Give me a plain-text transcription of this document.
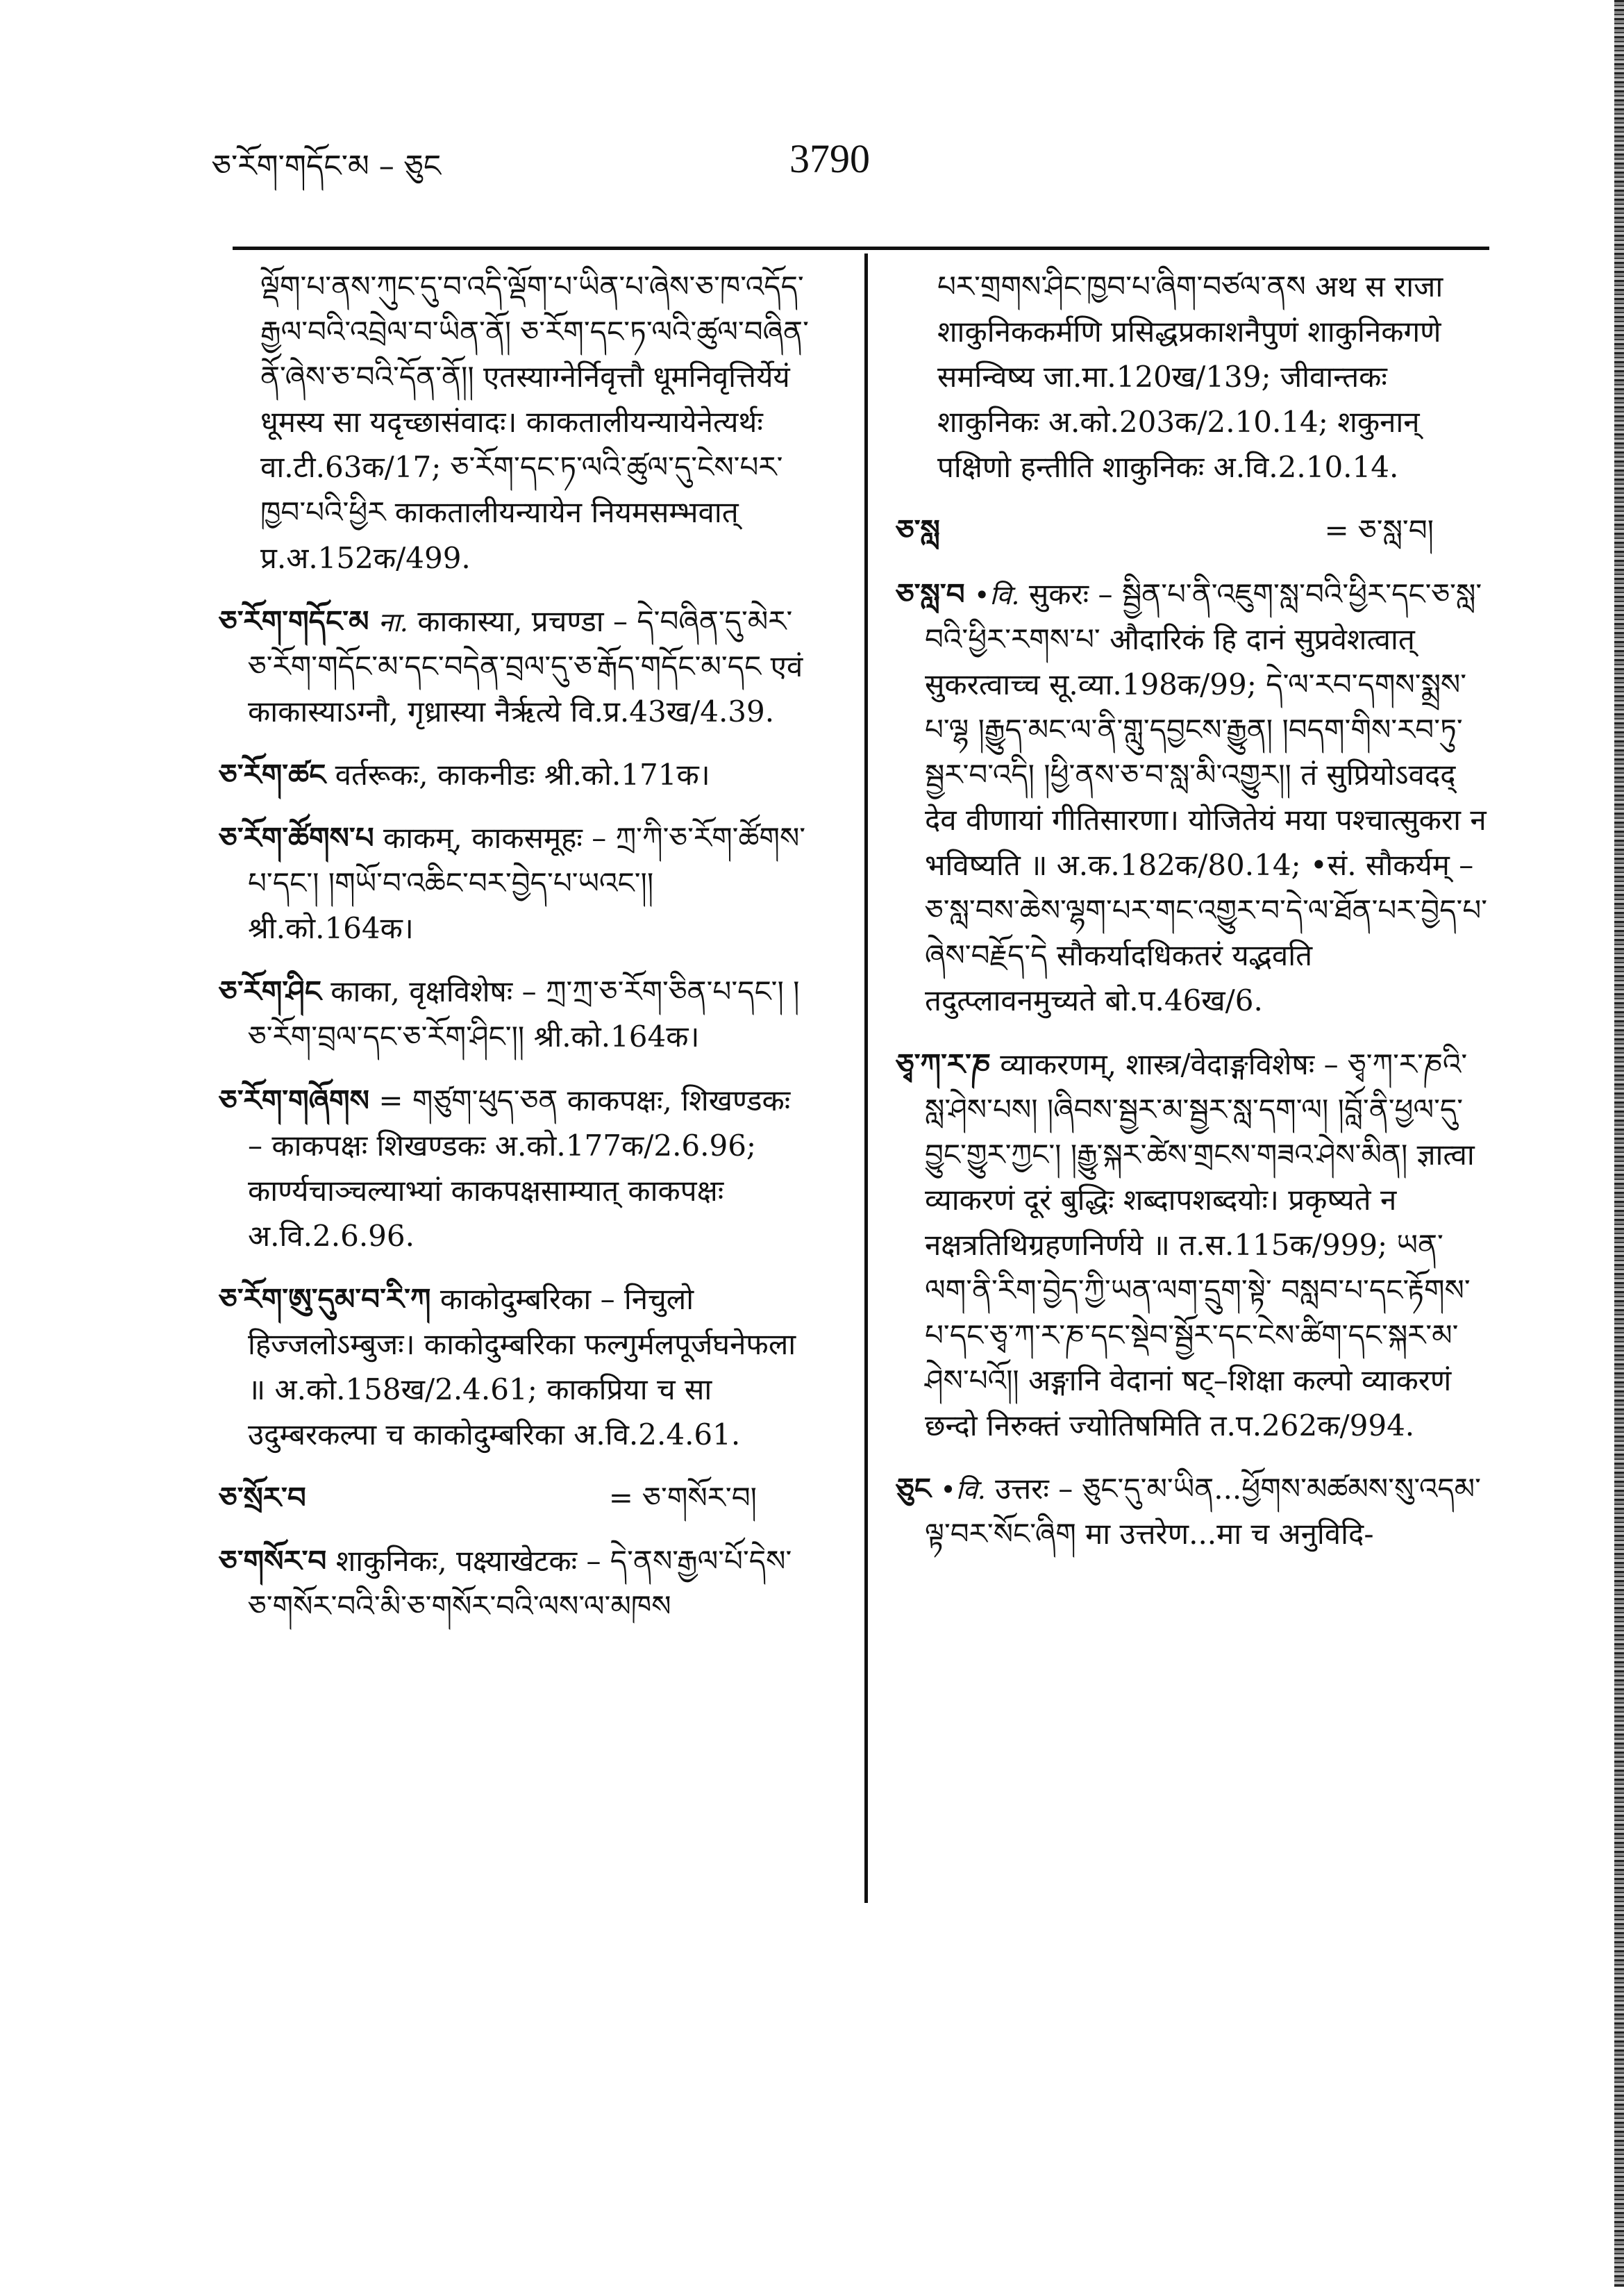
ཅ་རོག་གདོང་མ – ཅུང	3790

ལྡོག་པ་ནས་ཀུང་དུ་བ་འདི་ལྡོག་པ་ཡིན་པ་ཞེས་ཅ་ཁ་འདོད་རྒྱལ་བའི་འབྲེལ་བ་ཡིན་ནོ། ཅ་རོག་དང་ཏ་ལའི་ཚུལ་བཞིན་ནོ་ཞེས་ཅ་བའི་དོན་ནོ།། एतस्याग्नेर्निवृत्तौ धूमनिवृत्तिर्येयं धूमस्य सा यदृच्छासंवादः। काकतालीयन्यायेनेत्यर्थः वा.टी.63क/17; ཅ་རོག་དང་ཏ་ལའི་ཚུལ་དུ་ངེས་པར་ཁྱབ་པའི་ཕྱིར काकतालीयन्यायेन नियमसम्भवात् प्र.अ.152क/499.

ཅ་རོག་གདོང་མ ना. काकास्या, प्रचण्डा – དེ་བཞིན་དུ་མེར་ཅ་རོག་གདོང་མ་དང་བདེན་བྲལ་དུ་ཅ་རྒོད་གདོང་མ་དང एवं काकास्याऽग्नौ, गृध्रास्या नैर्ऋत्ये वि.प्र.43ख/4.39.

ཅ་རོག་ཚང वर्तरूकः, काकनीडः श्री.को.171क।

ཅ་རོག་ཚོགས་པ काकम्, काकसमूहः – ཀྲ་ཀི་ཅ་རོག་ཚོགས་པ་དང་། །གཡོ་བ་འཆིང་བར་བྱེད་པ་ཡའང་།། श्री.को.164क।

ཅ་རོག་ཤིང काका, वृक्षविशेषः – ཀྲ་ཀྲ་ཅ་རོག་ཅིན་པ་དང་། །ཅ་རོག་བྲལ་དང་ཅ་རོག་ཤིང་།། श्री.को.164क।

ཅ་རོག་གཞོགས = གཙུག་ཕུད་ཅན काकपक्षः, शिखण्डकः – काकपक्षः शिखण्डकः अ.को.177क/2.6.96; कार्ण्यचाञ्चल्याभ्यां काकपक्षसाम्यात् काकपक्षः अ.वि.2.6.96.

ཅ་རོག་ཨུ་དུམ་བ་རི་ཀ काकोदुम्बरिका – निचुलो हिज्जलोऽम्बुजः। काकोदुम्बरिका फल्गुर्मलपूर्जघनेफला ॥ अ.को.158ख/2.4.61; काकप्रिया च सा उदुम्बरकल्पा च काकोदुम्बरिका अ.वि.2.4.61.

ཅ་སྲོར་བ	= ཅ་གསོར་བ།

ཅ་གསོར་བ शाकुनिकः, पक्ष्याखेटकः – དེ་ནས་རྒྱལ་པོ་དེས་ཅ་གསོར་བའི་མི་ཅ་གསོར་བའི་ལས་ལ་མཁས

པར་གྲགས་ཤིང་ཁྱབ་པ་ཞིག་བཙལ་ནས अथ स राजा शाकुनिककर्मणि प्रसिद्धप्रकाशनैपुणं शाकुनिकगणे समन्विष्य जा.मा.120ख/139; जीवान्तकः शाकुनिकः अ.को.203क/2.10.14; शकुनान् पक्षिणो हन्तीति शाकुनिकः अ.वि.2.10.14.

ཅ་སླ	= ཅ་སླ་བ།

ཅ་སླ་བ •वि. सुकरः – སྦྱིན་པ་ནི་འཇུག་སླ་བའི་ཕྱིར་དང་ཅ་སླ་བའི་ཕྱིར་རགས་པ་ औदारिकं हि दानं सुप्रवेशत्वात् सुकरत्वाच्च सू.व्या.198क/99; དེ་ལ་རབ་དགས་སྨྲས་པ་ལྷ །རྒྱུད་མང་ལ་ནི་གླུ་དབྱངས་རྒྱུན། །བདག་གིས་རབ་ཏུ་སྦྱར་བ་འདི། །ཕྱི་ནས་ཅ་བ་སླ་མི་འགྱུར།། तं सुप्रियोऽवदद् देव वीणायां गीतिसारणा। योजितेयं मया पश्चात्सुकरा न भविष्यति ॥ अ.क.182क/80.14; •सं. सौकर्यम् – ཅ་སླ་བས་ཆེས་ལྷག་པར་གང་འགྱུར་བ་དེ་ལ་ཐོན་པར་བྱེད་པ་ཞེས་བརྗོད་དེ सौकर्यादधिकतरं यद्भवति तदुत्प्लावनमुच्यते बो.प.46ख/6.

ཅྭ་ཀ་ར་ཎ व्याकरणम्, शास्त्र/वेदाङ्गविशेषः – ཅྭ་ཀ་ར་ཎའི་སླ་ཤེས་པས། །ཞིབས་སྦྱར་མ་སྦྱར་སླ་དག་ལ། །བློ་ནི་ཕྱལ་དུ་བྱུང་གྱུར་ཀྱང་། །རྒྱུ་སྐར་ཚེས་གྲངས་གཟའ་ཤེས་མིན། ज्ञात्वा व्याकरणं दूरं बुद्धिः शब्दापशब्दयोः। प्रकृष्यते न नक्षत्रतिथिग्रहणनिर्णये ॥ त.स.115क/999; ཡན་ལག་ནི་རིག་བྱེད་ཀྱི་ཡན་ལག་དྲུག་སྟེ་ བསླབ་པ་དང་རྟོགས་པ་དང་ཅྭ་ཀ་ར་ཎ་དང་སྡེབ་སྦྱོར་དང་ངེས་ཚིག་དང་སྐར་མ་ཤེས་པའོ།། अङ्गानि वेदानां षट्–शिक्षा कल्पो व्याकरणं छन्दो निरुक्तं ज्योतिषमिति त.प.262क/994.

ཅུང •वि. उत्तरः – ཅུང་དུ་མ་ཡིན...ཕྱོགས་མཚམས་སུ་འདམ་ལྟ་བར་སོང་ཞིག मा उत्तरेण...मा च अनुविदि-
